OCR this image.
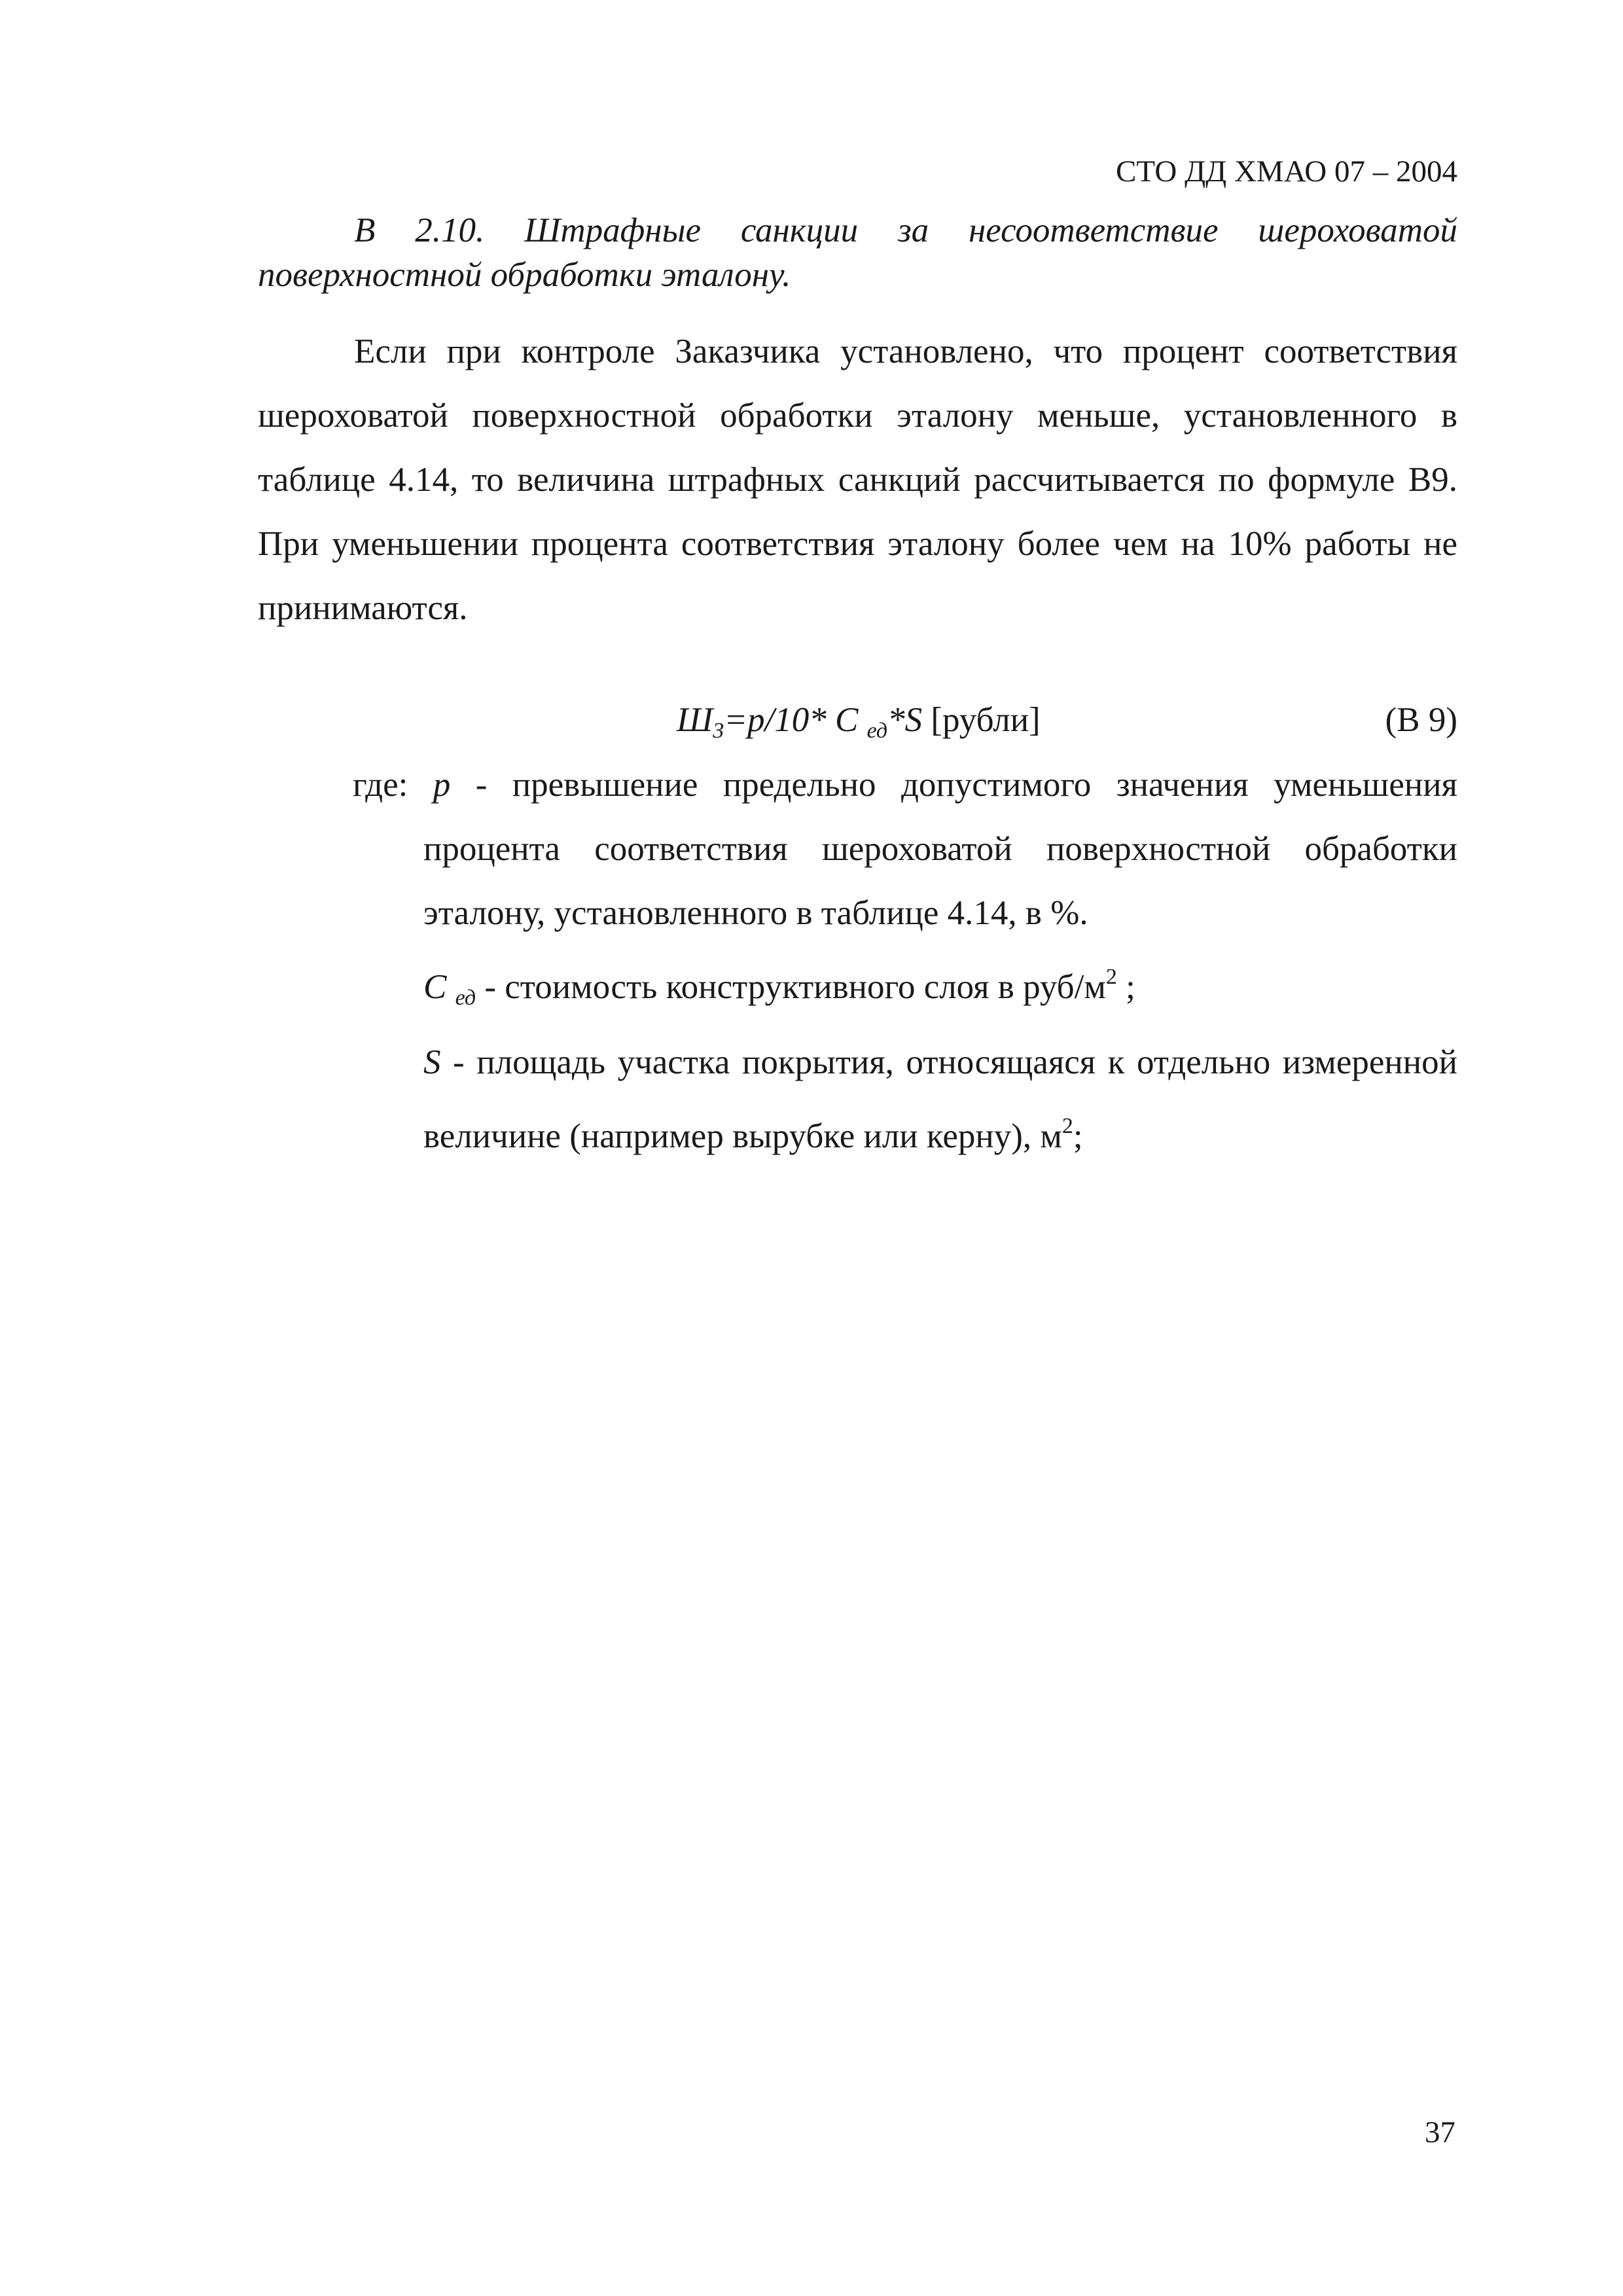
СТО ДД ХМАО 07 – 2004
В 2.10. Штрафные санкции за несоответствие шероховатой поверхностной обработки эталону.
Если при контроле Заказчика установлено, что процент соответствия шероховатой поверхностной обработки эталону меньше, установленного в таблице 4.14, то величина штрафных санкций рассчитывается по формуле В9. При уменьшении процента соответствия эталону более чем на 10% работы не принимаются.
$Ш_3=p/10*$ С $_{ед}$*S [рубли]	(В 9)
где: p - превышение предельно допустимого значения уменьшения процента соответствия шероховатой поверхностной обработки эталону, установленного в таблице 4.14, в %.
С $_{ед}$ - стоимость конструктивного слоя в руб/$м^2$ ;
S - площадь участка покрытия, относящаяся к отдельно измеренной величине (например вырубке или керну), $м^2$;
37
